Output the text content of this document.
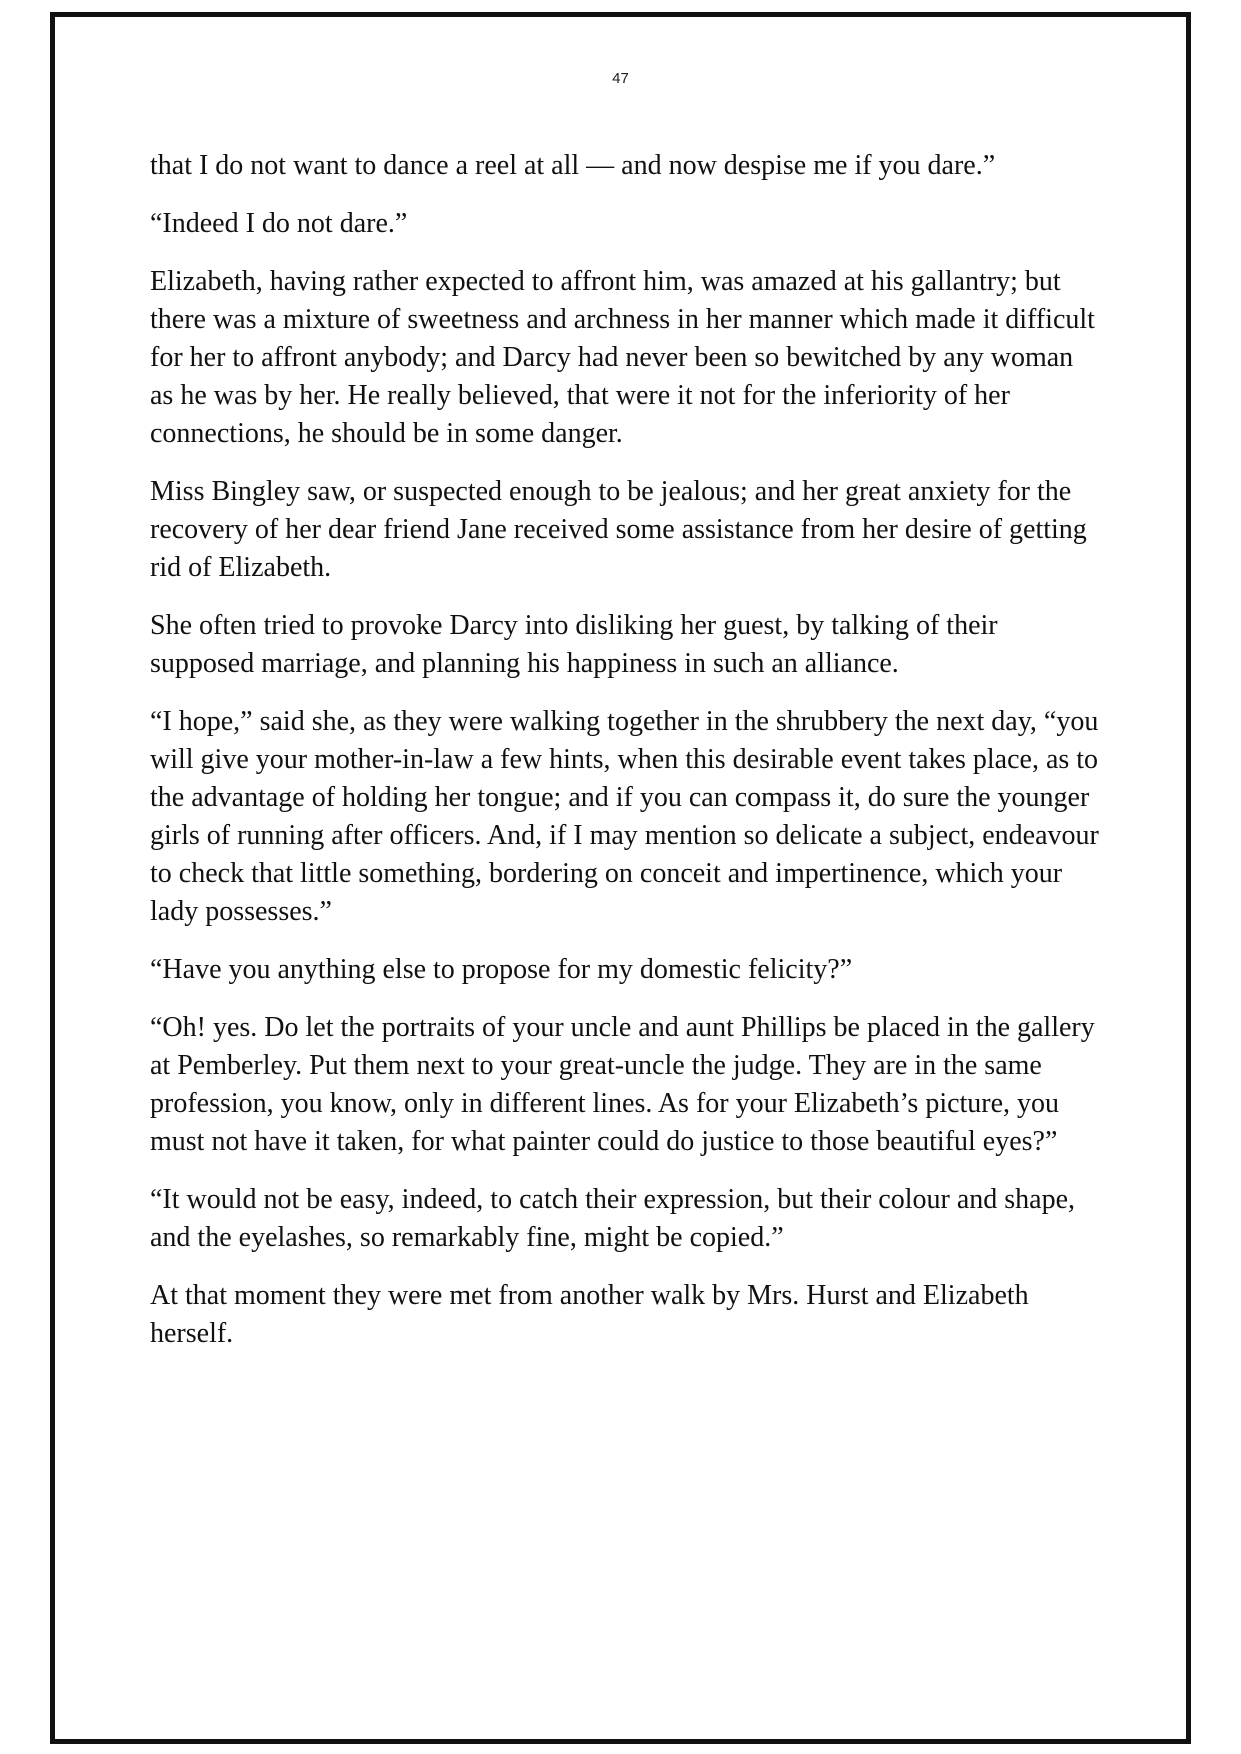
47

that I do not want to dance a reel at all — and now despise me if you dare.”

“Indeed I do not dare.”

Elizabeth, having rather expected to affront him, was amazed at his gallantry; but there was a mixture of sweetness and archness in her manner which made it difficult for her to affront anybody; and Darcy had never been so bewitched by any woman as he was by her. He really believed, that were it not for the inferiority of her connections, he should be in some danger.

Miss Bingley saw, or suspected enough to be jealous; and her great anxiety for the recovery of her dear friend Jane received some assistance from her desire of getting rid of Elizabeth.

She often tried to provoke Darcy into disliking her guest, by talking of their supposed marriage, and planning his happiness in such an alliance.

“I hope,” said she, as they were walking together in the shrubbery the next day, “you will give your mother-in-law a few hints, when this desirable event takes place, as to the advantage of holding her tongue; and if you can compass it, do sure the younger girls of running after officers. And, if I may mention so delicate a subject, endeavour to check that little something, bordering on conceit and impertinence, which your lady possesses.”

“Have you anything else to propose for my domestic felicity?”

“Oh! yes. Do let the portraits of your uncle and aunt Phillips be placed in the gallery at Pemberley. Put them next to your great-uncle the judge. They are in the same profession, you know, only in different lines. As for your Elizabeth’s picture, you must not have it taken, for what painter could do justice to those beautiful eyes?”

“It would not be easy, indeed, to catch their expression, but their colour and shape, and the eyelashes, so remarkably fine, might be copied.”

At that moment they were met from another walk by Mrs. Hurst and Elizabeth herself.
